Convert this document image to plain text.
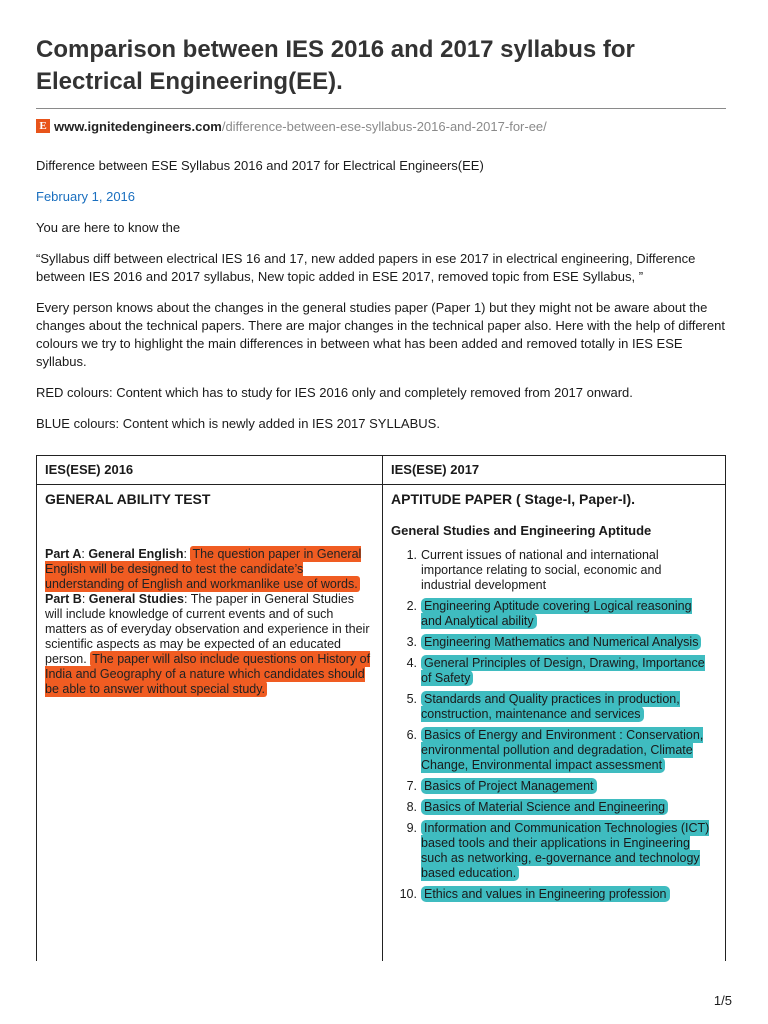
Comparison between IES 2016 and 2017 syllabus for Electrical Engineering(EE).
E www.ignitedengineers.com /difference-between-ese-syllabus-2016-and-2017-for-ee/

Difference between ESE Syllabus 2016 and 2017 for Electrical Engineers(EE)

February 1, 2016

You are here to know the

“Syllabus diff between electrical IES 16 and 17, new added papers in ese 2017 in electrical engineering, Difference between IES 2016 and 2017 syllabus, New topic added in ESE 2017, removed topic from ESE Syllabus, ”

Every person knows about the changes in the general studies paper (Paper 1) but they might not be aware about the changes about the technical papers. There are major changes in the technical paper also. Here with the help of different colours we try to highlight the main differences in between what has been added and removed totally in IES ESE syllabus.

RED colours: Content which has to study for IES 2016 only and completely removed from 2017 onward.

BLUE colours: Content which is newly added in IES 2017 SYLLABUS.

IES(ESE) 2016
GENERAL ABILITY TEST
Part A: General English: The question paper in General English will be designed to test the candidate’s understanding of English and workmanlike use of words.
Part B: General Studies: The paper in General Studies will include knowledge of current events and of such matters as of everyday observation and experience in their scientific aspects as may be expected of an educated person. The paper will also include questions on History of India and Geography of a nature which candidates should be able to answer without special study.
IES(ESE) 2017
APTITUDE PAPER ( Stage-I, Paper-I).
General Studies and Engineering Aptitude
1. Current issues of national and international importance relating to social, economic and industrial development
2. Engineering Aptitude covering Logical reasoning and Analytical ability
3. Engineering Mathematics and Numerical Analysis
4. General Principles of Design, Drawing, Importance of Safety
5. Standards and Quality practices in production, construction, maintenance and services
6. Basics of Energy and Environment : Conservation, environmental pollution and degradation, Climate Change, Environmental impact assessment
7. Basics of Project Management
8. Basics of Material Science and Engineering
9. Information and Communication Technologies (ICT) based tools and their applications in Engineering such as networking, e-governance and technology based education.
10. Ethics and values in Engineering profession
1/5
